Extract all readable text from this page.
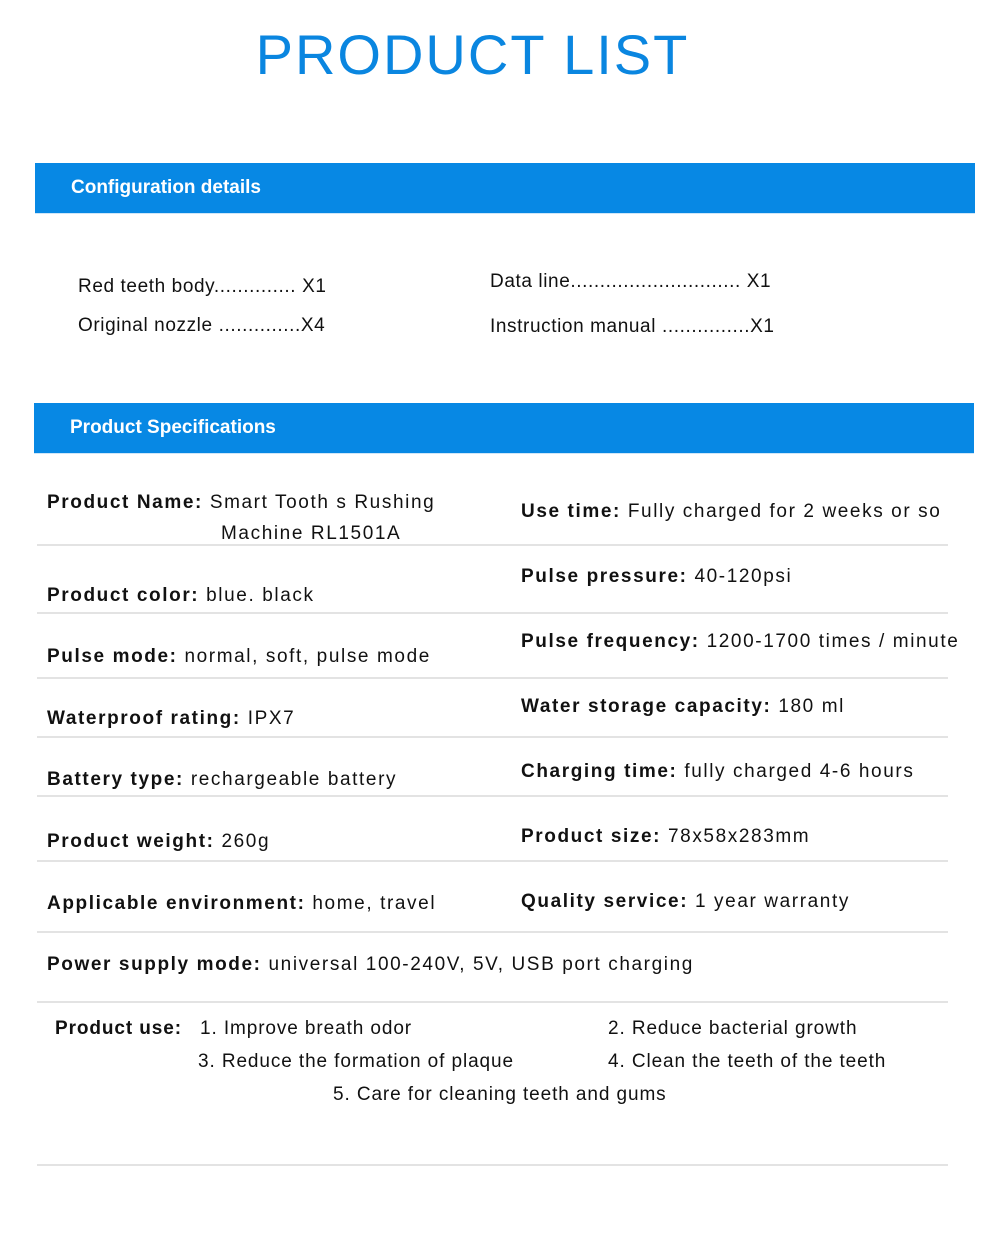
PRODUCT LIST
Configuration details
Red teeth body.............. X1
Original nozzle ..............X4
Data line............................. X1
Instruction manual ...............X1
Product Specifications
Product Name: Smart Tooth s Rushing
Machine RL1501A
Product color: blue. black
Pulse mode: normal, soft, pulse mode
Waterproof rating: IPX7
Battery type: rechargeable battery
Product weight: 260g
Applicable environment: home, travel
Use time: Fully charged for 2 weeks or so
Pulse pressure: 40-120psi
Pulse frequency: 1200-1700 times / minute
Water storage capacity: 180 ml
Charging time: fully charged 4-6 hours
Product size: 78x58x283mm
Quality service: 1 year warranty
Power supply mode: universal 100-240V, 5V, USB port charging
Product use: 1. Improve breath odor	2. Reduce bacterial growth
3. Reduce the formation of plaque	4. Clean the teeth of the teeth
5. Care for cleaning teeth and gums
